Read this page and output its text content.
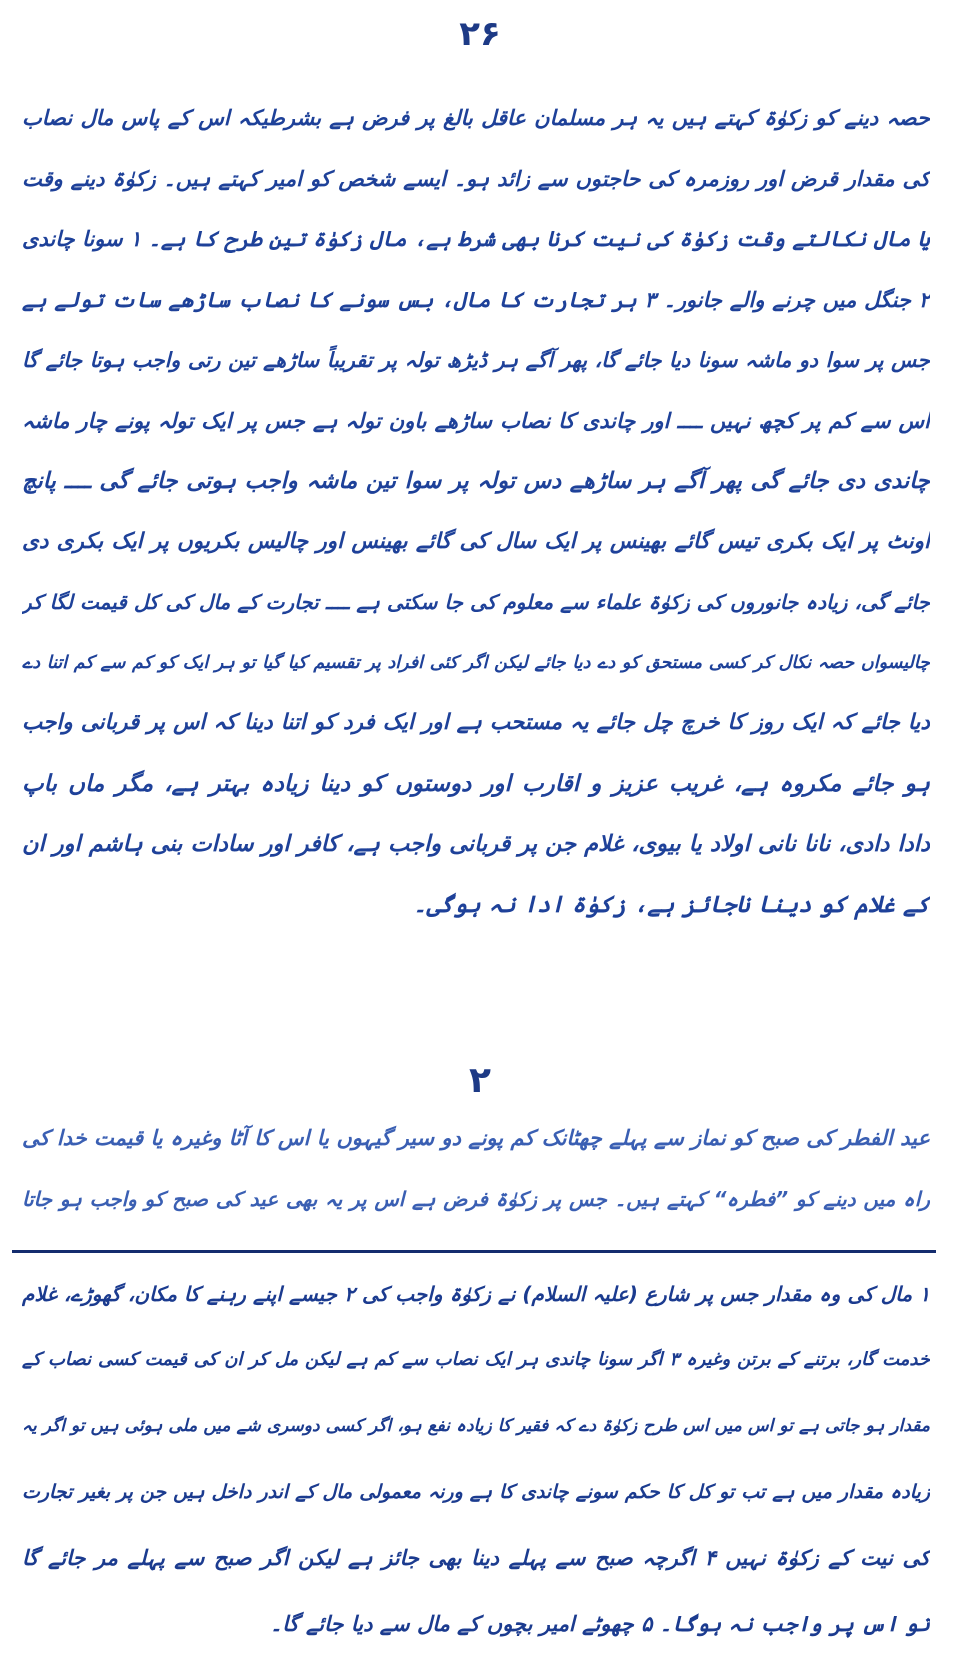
۲۶
حصہ دینے کو زکوٰۃ کہتے ہیں یہ ہر مسلمان عاقل بالغ پر فرض ہے بشرطیکہ اس کے پاس مال نصاب
کی مقدار قرض اور روزمرہ کی حاجتوں سے زائد ہو۔ ایسے شخص کو امیر کہتے ہیں۔ زکوٰۃ دینے وقت
یا مال نکالتے وقت زکوٰۃ کی نیت کرنا بھی شرط ہے، مال زکوٰۃ تین طرح کا ہے۔ ۱ سونا چاندی
۲ جنگل میں چرنے والے جانور۔ ۳ ہر تجارت کا مال، بس سونے کا نصاب ساڑھے سات تولے ہے
جس پر سوا دو ماشہ سونا دیا جائے گا، پھر آگے ہر ڈیڑھ تولہ پر تقریباً ساڑھے تین رتی واجب ہوتا جائے گا
اس سے کم پر کچھ نہیں ــــ اور چاندی کا نصاب ساڑھے باون تولہ ہے جس پر ایک تولہ پونے چار ماشہ
چاندی دی جائے گی پھر آگے ہر ساڑھے دس تولہ پر سوا تین ماشہ واجب ہوتی جائے گی ــــ پانچ
اونٹ پر ایک بکری تیس گائے بھینس پر ایک سال کی گائے بھینس اور چالیس بکریوں پر ایک بکری دی
جائے گی، زیادہ جانوروں کی زکوٰۃ علماء سے معلوم کی جا سکتی ہے ــــ تجارت کے مال کی کل قیمت لگا کر
چالیسواں حصہ نکال کر کسی مستحق کو دے دیا جائے لیکن اگر کئی افراد پر تقسیم کیا گیا تو ہر ایک کو کم سے کم اتنا دے
دیا جائے کہ ایک روز کا خرچ چل جائے یہ مستحب ہے اور ایک فرد کو اتنا دینا کہ اس پر قربانی واجب
ہو جائے مکروہ ہے، غریب عزیز و اقارب اور دوستوں کو دینا زیادہ بہتر ہے، مگر ماں باپ
دادا دادی، نانا نانی اولاد یا بیوی، غلام جن پر قربانی واجب ہے، کافر اور سادات بنی ہاشم اور ان
کے غلام کو دینا ناجائز ہے، زکوٰۃ ادا نہ ہوگی۔
۲
عید الفطر کی صبح کو نماز سے پہلے چھٹانک کم پونے دو سیر گیہوں یا اس کا آٹا وغیرہ یا قیمت خدا کی
راہ میں دینے کو ”فطرہ“ کہتے ہیں۔ جس پر زکوٰۃ فرض ہے اس پر یہ بھی عید کی صبح کو واجب ہو جاتا
۱ مال کی وہ مقدار جس پر شارع (علیہ السلام) نے زکوٰۃ واجب کی ۲ جیسے اپنے رہنے کا مکان، گھوڑے، غلام
خدمت گار، برتنے کے برتن وغیرہ ۳ اگر سونا چاندی ہر ایک نصاب سے کم ہے لیکن مل کر ان کی قیمت کسی نصاب کے
مقدار ہو جاتی ہے تو اس میں اس طرح زکوٰۃ دے کہ فقیر کا زیادہ نفع ہو، اگر کسی دوسری شے میں ملی ہوئی ہیں تو اگر یہ
زیادہ مقدار میں ہے تب تو کل کا حکم سونے چاندی کا ہے ورنہ معمولی مال کے اندر داخل ہیں جن پر بغیر تجارت
کی نیت کے زکوٰۃ نہیں ۴ اگرچہ صبح سے پہلے دینا بھی جائز ہے لیکن اگر صبح سے پہلے مر جائے گا
تو اس پر واجب نہ ہوگا۔ ۵ چھوٹے امیر بچوں کے مال سے دیا جائے گا۔
